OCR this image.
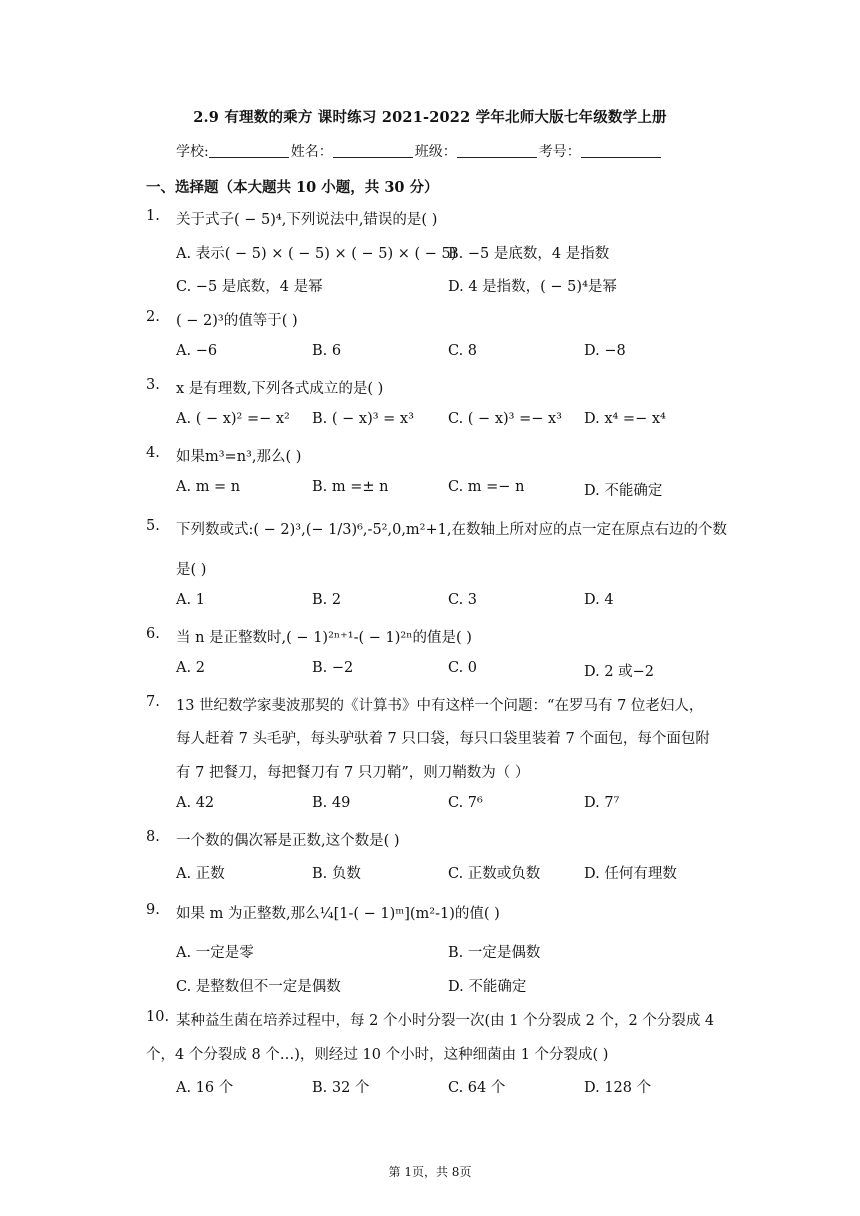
2.9 有理数的乘方 课时练习 2021-2022 学年北师大版七年级数学上册
学校:	姓名：	班级：	考号：
一、选择题（本大题共 10 小题，共 30 分）
1. 关于式子( − 5)⁴,下列说法中,错误的是( )
A. 表示( − 5) × ( − 5) × ( − 5) × ( − 5)
B. −5 是底数，4 是指数
C. −5 是底数，4 是幂	D. 4 是指数，( − 5)⁴是幂
2. ( − 2)³的值等于( )
A. −6	B. 6	C. 8	D. −8
3. x 是有理数,下列各式成立的是( )
A. ( − x)² =− x² B. ( − x)³ = x³ C. ( − x)³ =− x³ D. x⁴ =− x⁴
4. 如果m³=n³,那么( )
A. m = n	B. m =± n	C. m =− n	D. 不能确定
5. 下列数或式:( − 2)³,(− 1/3)⁶,-5²,0,m²+1,在数轴上所对应的点一定在原点右边的个数
是( )
A. 1	B. 2	C. 3	D. 4
6. 当 n 是正整数时,( − 1)²ⁿ⁺¹-( − 1)²ⁿ的值是( )
A. 2	B. −2	C. 0	D. 2 或−2
7. 13 世纪数学家斐波那契的《计算书》中有这样一个问题：“在罗马有 7 位老妇人，
每人赶着 7 头毛驴，每头驴驮着 7 只口袋，每只口袋里装着 7 个面包，每个面包附
有 7 把餐刀，每把餐刀有 7 只刀鞘”，则刀鞘数为（ ）
A. 42	B. 49	C. 7⁶	D. 7⁷
8. 一个数的偶次幂是正数,这个数是( )
A. 正数	B. 负数	C. 正数或负数	D. 任何有理数
9. 如果 m 为正整数,那么¼[1-( − 1)ᵐ](m²-1)的值( )
A. 一定是零	B. 一定是偶数
C. 是整数但不一定是偶数	D. 不能确定
10. 某种益生菌在培养过程中，每 2 个小时分裂一次(由 1 个分裂成 2 个，2 个分裂成 4
个，4 个分裂成 8 个…)，则经过 10 个小时，这种细菌由 1 个分裂成( )
A. 16 个	B. 32 个	C. 64 个	D. 128 个
第 1页，共 8页
